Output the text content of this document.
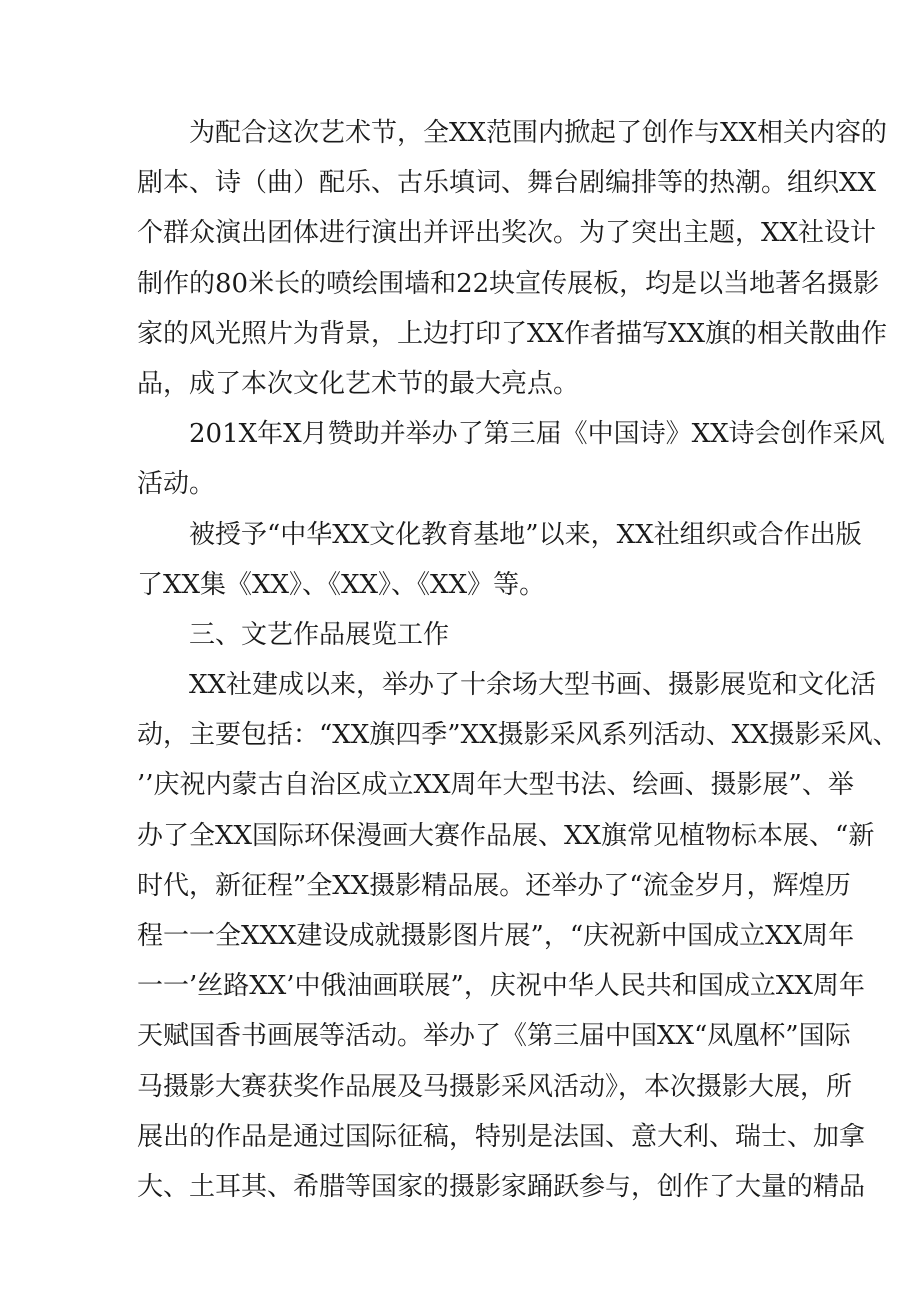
为配合这次艺术节，全XX范围内掀起了创作与XX相关内容的
剧本、诗（曲）配乐、古乐填词、舞台剧编排等的热潮。组织XX
个群众演出团体进行演出并评出奖次。为了突出主题，XX社设计
制作的80米长的喷绘围墙和22块宣传展板，均是以当地著名摄影
家的风光照片为背景，上边打印了XX作者描写XX旗的相关散曲作
品，成了本次文化艺术节的最大亮点。
201X年X月赞助并举办了第三届《中国诗》XX诗会创作采风
活动。
被授予“中华XX文化教育基地”以来，XX社组织或合作出版
了XX集《XX》、《XX》、《XX》等。
三、文艺作品展览工作
XX社建成以来，举办了十余场大型书画、摄影展览和文化活
动，主要包括：“XX旗四季”XX摄影采风系列活动、XX摄影采风、
’’庆祝内蒙古自治区成立XX周年大型书法、绘画、摄影展”、举
办了全XX国际环保漫画大赛作品展、XX旗常见植物标本展、“新
时代，新征程”全XX摄影精品展。还举办了“流金岁月，辉煌历
程一一全XXX建设成就摄影图片展”，“庆祝新中国成立XX周年
一一’丝路XX’中俄油画联展”，庆祝中华人民共和国成立XX周年
天赋国香书画展等活动。举办了《第三届中国XX“凤凰杯”国际
马摄影大赛获奖作品展及马摄影采风活动》，本次摄影大展，所
展出的作品是通过国际征稿，特别是法国、意大利、瑞士、加拿
大、土耳其、希腊等国家的摄影家踊跃参与，创作了大量的精品
